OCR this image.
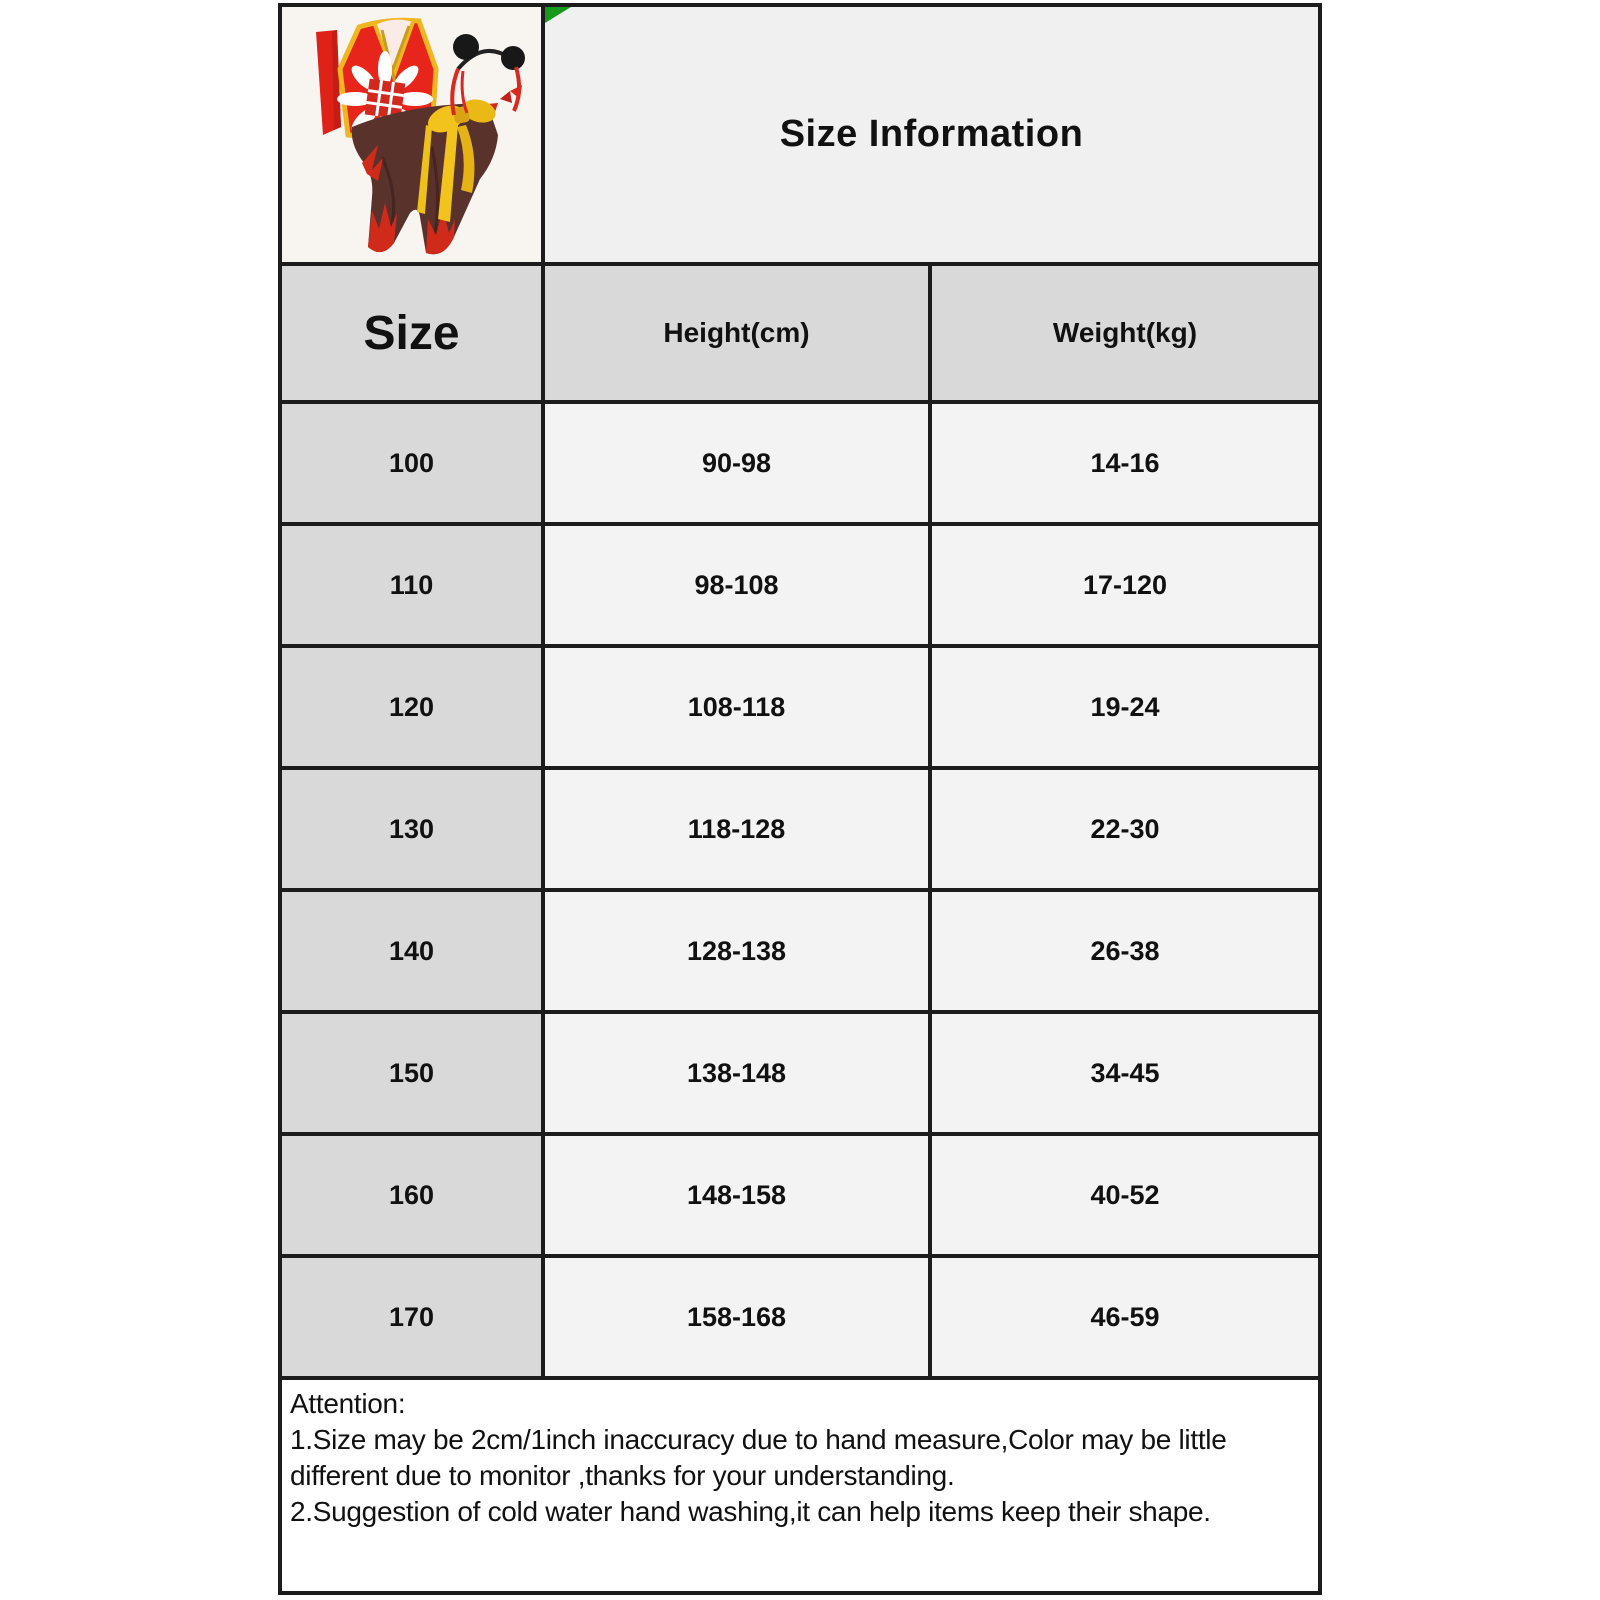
Size Information
Size	Height(cm)	Weight(kg)
100	90-98	14-16
110	98-108	17-120
120	108-118	19-24
130	118-128	22-30
140	128-138	26-38
150	138-148	34-45
160	148-158	40-52
170	158-168	46-59
Attention:
1.Size may be 2cm/1inch inaccuracy due to hand measure,Color may be little different due to monitor ,thanks for your understanding.
2.Suggestion of cold water hand washing,it can help items keep their shape.
